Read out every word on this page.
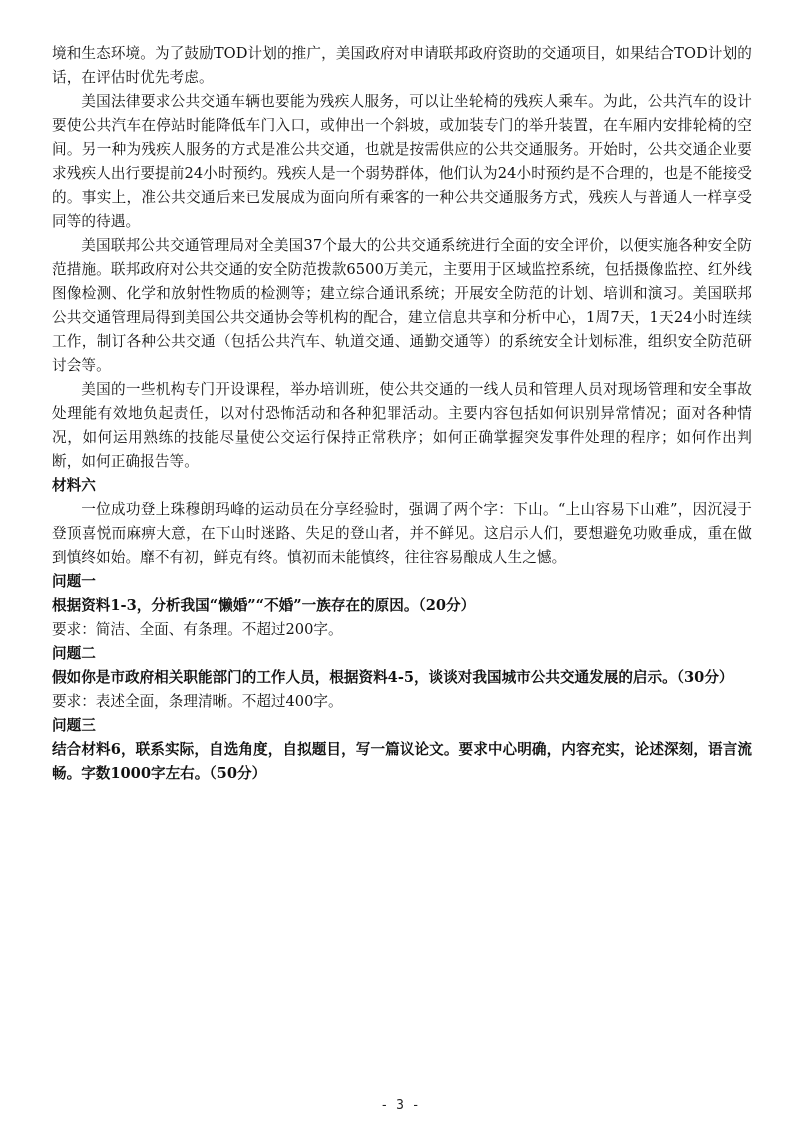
境和生态环境。为了鼓励TOD计划的推广，美国政府对申请联邦政府资助的交通项目，如果结合TOD计划的话，在评估时优先考虑。

美国法律要求公共交通车辆也要能为残疾人服务，可以让坐轮椅的残疾人乘车。为此，公共汽车的设计要使公共汽车在停站时能降低车门入口，或伸出一个斜坡，或加装专门的举升装置，在车厢内安排轮椅的空间。另一种为残疾人服务的方式是准公共交通，也就是按需供应的公共交通服务。开始时，公共交通企业要求残疾人出行要提前24小时预约。残疾人是一个弱势群体，他们认为24小时预约是不合理的，也是不能接受的。事实上，准公共交通后来已发展成为面向所有乘客的一种公共交通服务方式，残疾人与普通人一样享受同等的待遇。

美国联邦公共交通管理局对全美国37个最大的公共交通系统进行全面的安全评价，以便实施各种安全防范措施。联邦政府对公共交通的安全防范拨款6500万美元，主要用于区域监控系统，包括摄像监控、红外线图像检测、化学和放射性物质的检测等；建立综合通讯系统；开展安全防范的计划、培训和演习。美国联邦公共交通管理局得到美国公共交通协会等机构的配合，建立信息共享和分析中心，1周7天，1天24小时连续工作，制订各种公共交通（包括公共汽车、轨道交通、通勤交通等）的系统安全计划标准，组织安全防范研讨会等。

美国的一些机构专门开设课程，举办培训班，使公共交通的一线人员和管理人员对现场管理和安全事故处理能有效地负起责任，以对付恐怖活动和各种犯罪活动。主要内容包括如何识别异常情况；面对各种情况，如何运用熟练的技能尽量使公交运行保持正常秩序；如何正确掌握突发事件处理的程序；如何作出判断，如何正确报告等。

材料六

一位成功登上珠穆朗玛峰的运动员在分享经验时，强调了两个字：下山。“上山容易下山难”，因沉浸于登顶喜悦而麻痹大意，在下山时迷路、失足的登山者，并不鲜见。这启示人们，要想避免功败垂成，重在做到慎终如始。靡不有初，鲜克有终。慎初而未能慎终，往往容易酿成人生之憾。

问题一

根据资料1-3，分析我国“懒婚”“不婚”一族存在的原因。（20分）

要求：简洁、全面、有条理。不超过200字。

问题二

假如你是市政府相关职能部门的工作人员，根据资料4-5，谈谈对我国城市公共交通发展的启示。（30分）

要求：表述全面，条理清晰。不超过400字。

问题三

结合材料6，联系实际，自选角度，自拟题目，写一篇议论文。要求中心明确，内容充实，论述深刻，语言流畅。字数1000字左右。（50分）

- 3 -
